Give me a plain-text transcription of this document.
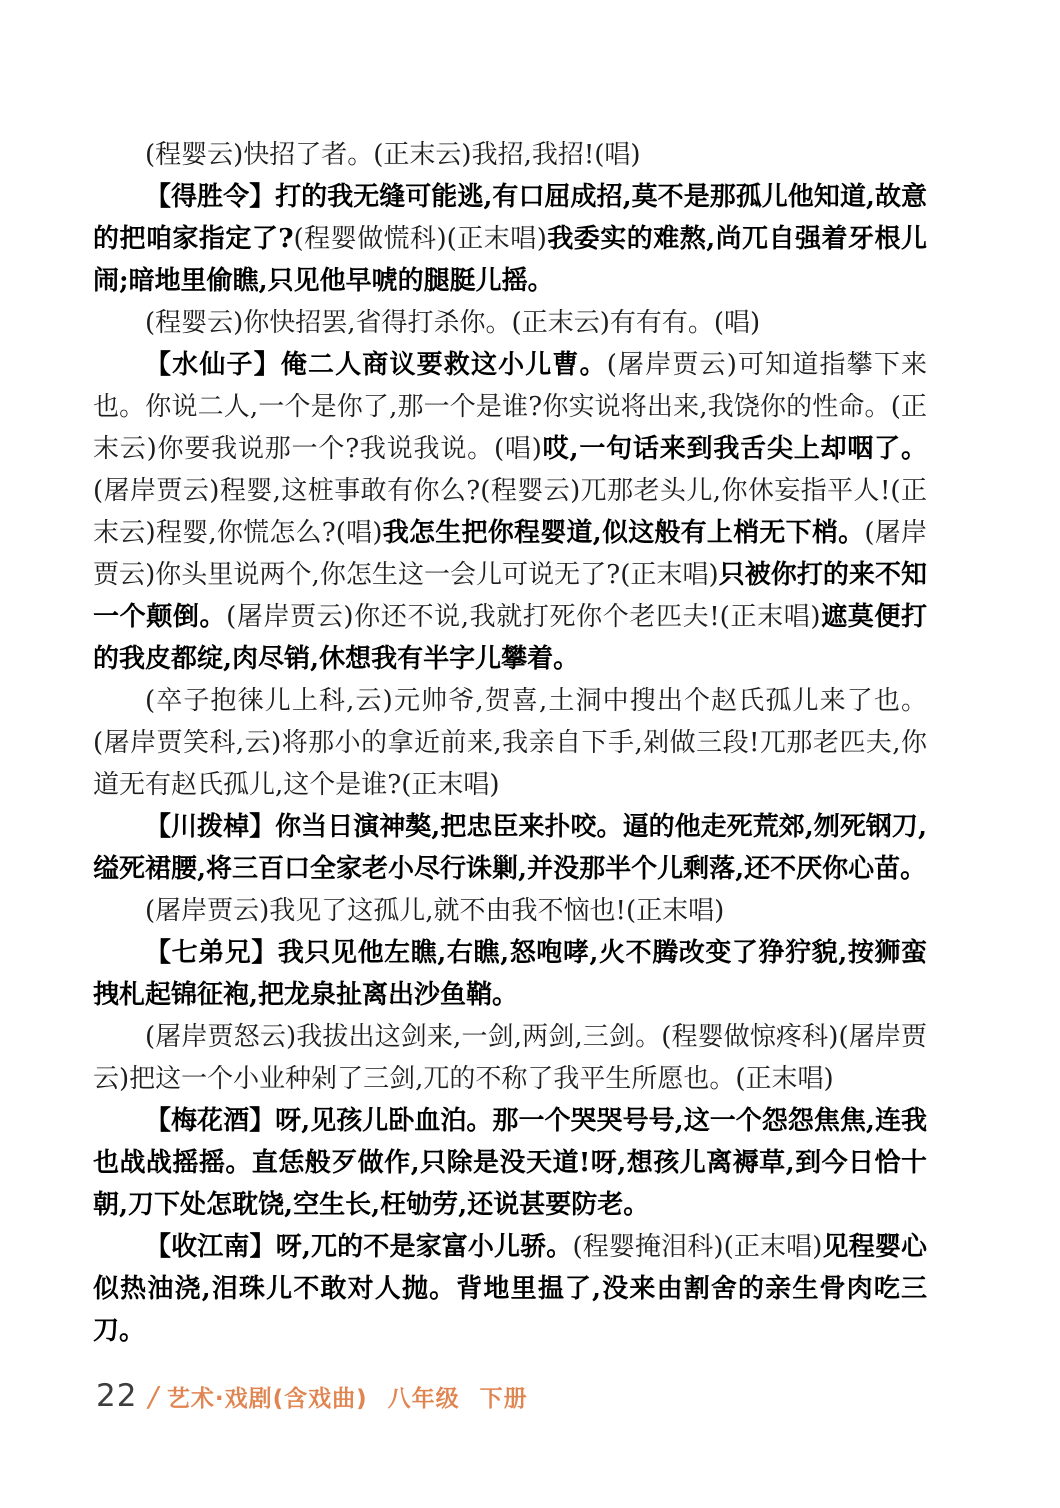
(程婴云)快招了者。(正末云)我招,我招!(唱)

【得胜令】打的我无缝可能逃,有口屈成招,莫不是那孤儿他知道,故意的把咱家指定了?(程婴做慌科)(正末唱)我委实的难熬,尚兀自强着牙根儿闹;暗地里偷瞧,只见他早唬的腿脡儿摇。

(程婴云)你快招罢,省得打杀你。(正末云)有有有。(唱)

【水仙子】俺二人商议要救这小儿曹。(屠岸贾云)可知道指攀下来也。你说二人,一个是你了,那一个是谁?你实说将出来,我饶你的性命。(正末云)你要我说那一个?我说我说。(唱)哎,一句话来到我舌尖上却咽了。(屠岸贾云)程婴,这桩事敢有你么?(程婴云)兀那老头儿,你休妄指平人!(正末云)程婴,你慌怎么?(唱)我怎生把你程婴道,似这般有上梢无下梢。(屠岸贾云)你头里说两个,你怎生这一会儿可说无了?(正末唱)只被你打的来不知一个颠倒。(屠岸贾云)你还不说,我就打死你个老匹夫!(正末唱)遮莫便打的我皮都绽,肉尽销,休想我有半字儿攀着。

(卒子抱徕儿上科,云)元帅爷,贺喜,土洞中搜出个赵氏孤儿来了也。(屠岸贾笑科,云)将那小的拿近前来,我亲自下手,剁做三段!兀那老匹夫,你道无有赵氏孤儿,这个是谁?(正末唱)

【川拨棹】你当日演神獒,把忠臣来扑咬。逼的他走死荒郊,刎死钢刀,缢死裙腰,将三百口全家老小尽行诛剿,并没那半个儿剩落,还不厌你心苗。

(屠岸贾云)我见了这孤儿,就不由我不恼也!(正末唱)

【七弟兄】我只见他左瞧,右瞧,怒咆哮,火不腾改变了狰狞貌,按狮蛮拽札起锦征袍,把龙泉扯离出沙鱼鞘。

(屠岸贾怒云)我拔出这剑来,一剑,两剑,三剑。(程婴做惊疼科)(屠岸贾云)把这一个小业种剁了三剑,兀的不称了我平生所愿也。(正末唱)

【梅花酒】呀,见孩儿卧血泊。那一个哭哭号号,这一个怨怨焦焦,连我也战战摇摇。直恁般歹做作,只除是没天道!呀,想孩儿离褥草,到今日恰十朝,刀下处怎耽饶,空生长,枉劬劳,还说甚要防老。

【收江南】呀,兀的不是家富小儿骄。(程婴掩泪科)(正末唱)见程婴心似热油浇,泪珠儿不敢对人抛。背地里揾了,没来由割舍的亲生骨肉吃三刀。

22 / 艺术·戏剧(含戏曲) 八年级 下册
